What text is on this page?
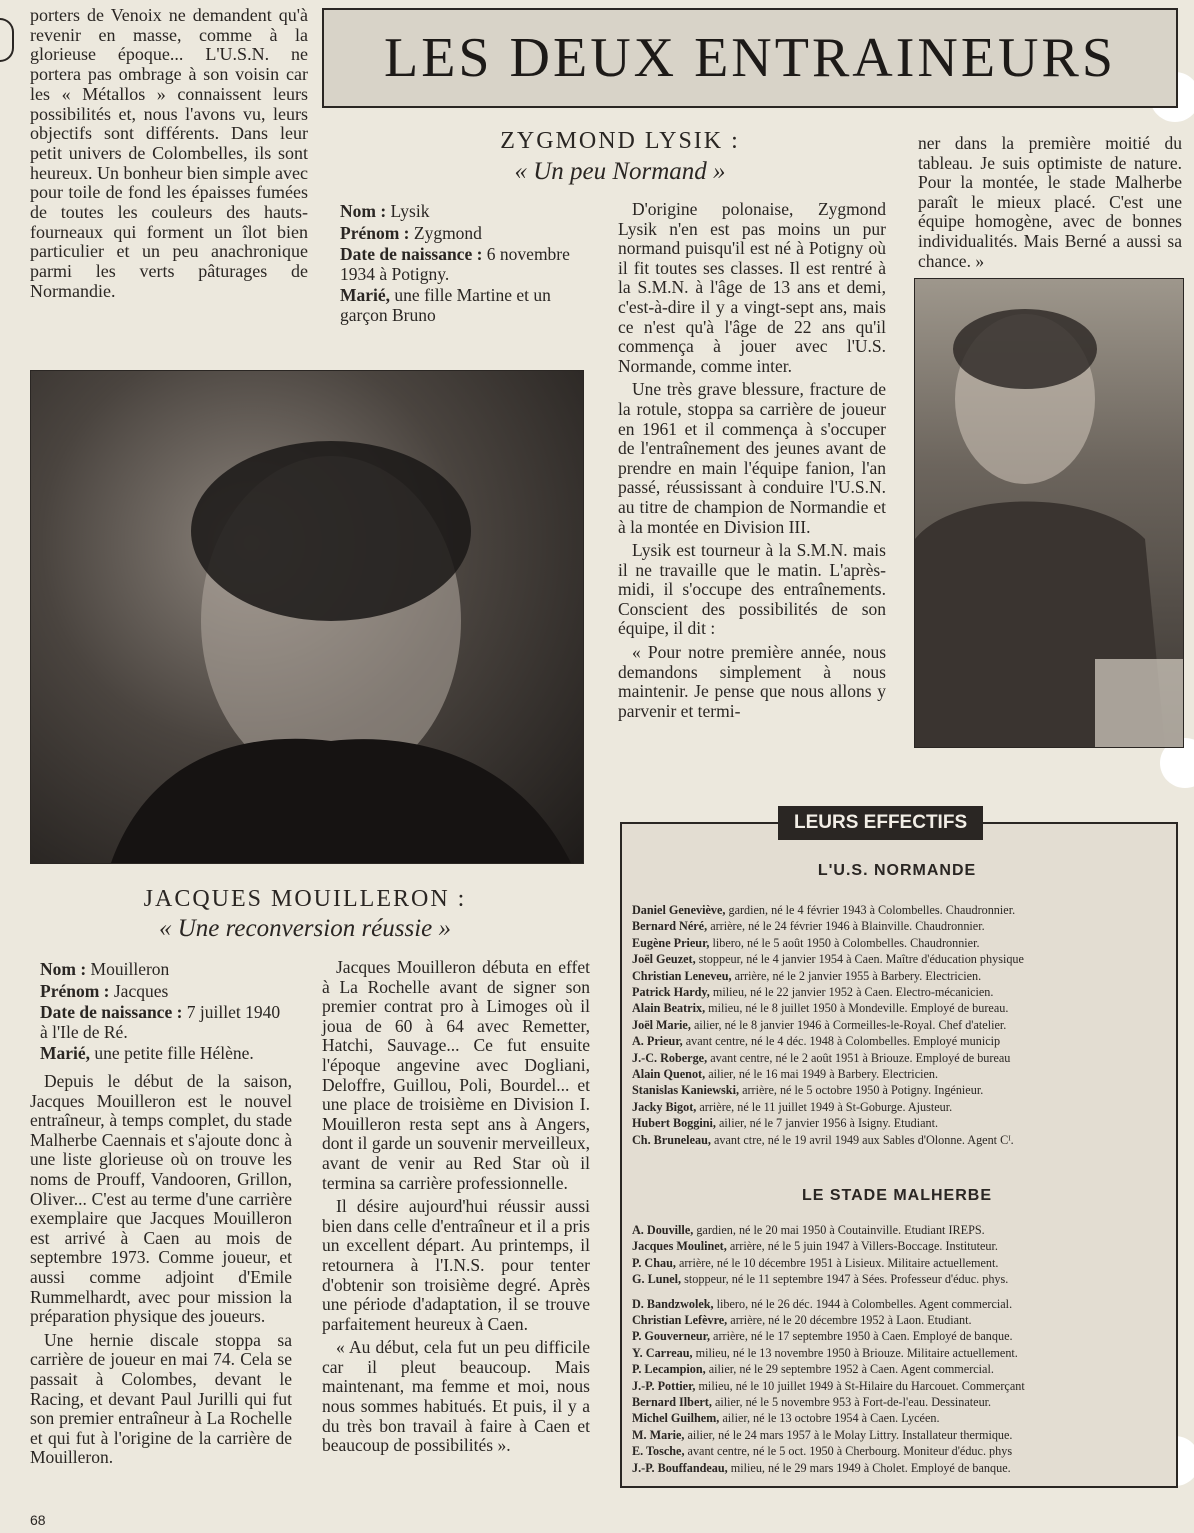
porters de Venoix ne demandent qu'à revenir en masse, comme à la glorieuse époque... L'U.S.N. ne portera pas ombrage à son voisin car les « Métallos » connaissent leurs possibilités et, nous l'avons vu, leurs objectifs sont différents. Dans leur petit univers de Colombelles, ils sont heureux. Un bonheur bien simple avec pour toile de fond les épaisses fumées de toutes les couleurs des hauts-fourneaux qui forment un îlot bien particulier et un peu anachronique parmi les verts pâturages de Normandie.

LES DEUX ENTRAINEURS
ZYGMOND LYSIK :
« Un peu Normand »
Nom : Lysik
Prénom : Zygmond
Date de naissance : 6 novembre 1934 à Potigny.
Marié, une fille Martine et un garçon Bruno

D'origine polonaise, Zygmond Lysik n'en est pas moins un pur normand puisqu'il est né à Potigny où il fit toutes ses classes. Il est rentré à la S.M.N. à l'âge de 13 ans et demi, c'est-à-dire il y a vingt-sept ans, mais ce n'est qu'à l'âge de 22 ans qu'il commença à jouer avec l'U.S. Normande, comme inter.

Une très grave blessure, fracture de la rotule, stoppa sa carrière de joueur en 1961 et il commença à s'occuper de l'entraînement des jeunes avant de prendre en main l'équipe fanion, l'an passé, réussissant à conduire l'U.S.N. au titre de champion de Normandie et à la montée en Division III.

Lysik est tourneur à la S.M.N. mais il ne travaille que le matin. L'après-midi, il s'occupe des entraînements. Conscient des possibilités de son équipe, il dit :

« Pour notre première année, nous demandons simplement à nous maintenir. Je pense que nous allons y parvenir et termi-

ner dans la première moitié du tableau. Je suis optimiste de nature. Pour la montée, le stade Malherbe paraît le mieux placé. C'est une équipe homogène, avec de bonnes individualités. Mais Berné a aussi sa chance. »

JACQUES MOUILLERON :
« Une reconversion réussie »
Nom : Mouilleron
Prénom : Jacques
Date de naissance : 7 juillet 1940 à l'Ile de Ré.
Marié, une petite fille Hélène.

Depuis le début de la saison, Jacques Mouilleron est le nouvel entraîneur, à temps complet, du stade Malherbe Caennais et s'ajoute donc à une liste glorieuse où on trouve les noms de Prouff, Vandooren, Grillon, Oliver... C'est au terme d'une carrière exemplaire que Jacques Mouilleron est arrivé à Caen au mois de septembre 1973. Comme joueur, et aussi comme adjoint d'Emile Rummelhardt, avec pour mission la préparation physique des joueurs.

Une hernie discale stoppa sa carrière de joueur en mai 74. Cela se passait à Colombes, devant le Racing, et devant Paul Jurilli qui fut son premier entraîneur à La Rochelle et qui fut à l'origine de la carrière de Mouilleron.

Jacques Mouilleron débuta en effet à La Rochelle avant de signer son premier contrat pro à Limoges où il joua de 60 à 64 avec Remetter, Hatchi, Sauvage... Ce fut ensuite l'époque angevine avec Dogliani, Deloffre, Guillou, Poli, Bourdel... et une place de troisième en Division I. Mouilleron resta sept ans à Angers, dont il garde un souvenir merveilleux, avant de venir au Red Star où il termina sa carrière professionnelle.

Il désire aujourd'hui réussir aussi bien dans celle d'entraîneur et il a pris un excellent départ. Au printemps, il retournera à l'I.N.S. pour tenter d'obtenir son troisième degré. Après une période d'adaptation, il se trouve parfaitement heureux à Caen.

« Au début, cela fut un peu difficile car il pleut beaucoup. Mais maintenant, ma femme et moi, nous nous sommes habitués. Et puis, il y a du très bon travail à faire à Caen et beaucoup de possibilités ».

LEURS EFFECTIFS
L'U.S. NORMANDE
Daniel Geneviève, gardien, né le 4 février 1943 à Colombelles. Chaudronnier.
Bernard Néré, arrière, né le 24 février 1946 à Blainville. Chaudronnier.
Eugène Prieur, libero, né le 5 août 1950 à Colombelles. Chaudronnier.
Joël Geuzet, stoppeur, né le 4 janvier 1954 à Caen. Maître d'éducation physique
Christian Leneveu, arrière, né le 2 janvier 1955 à Barbery. Electricien.
Patrick Hardy, milieu, né le 22 janvier 1952 à Caen. Electro-mécanicien.
Alain Beatrix, milieu, né le 8 juillet 1950 à Mondeville. Employé de bureau.
Joël Marie, ailier, né le 8 janvier 1946 à Cormeilles-le-Royal. Chef d'atelier.
A. Prieur, avant centre, né le 4 déc. 1948 à Colombelles. Employé municip
J.-C. Roberge, avant centre, né le 2 août 1951 à Briouze. Employé de bureau
Alain Quenot, ailier, né le 16 mai 1949 à Barbery. Electricien.
Stanislas Kaniewski, arrière, né le 5 octobre 1950 à Potigny. Ingénieur.
Jacky Bigot, arrière, né le 11 juillet 1949 à St-Goburge. Ajusteur.
Hubert Boggini, ailier, né le 7 janvier 1956 à Isigny. Etudiant.
Ch. Bruneleau, avant ctre, né le 19 avril 1949 aux Sables d'Olonne. Agent Cᴵ.
LE STADE MALHERBE
A. Douville, gardien, né le 20 mai 1950 à Coutainville. Etudiant IREPS.
Jacques Moulinet, arrière, né le 5 juin 1947 à Villers-Boccage. Instituteur.
P. Chau, arrière, né le 10 décembre 1951 à Lisieux. Militaire actuellement.
G. Lunel, stoppeur, né le 11 septembre 1947 à Sées. Professeur d'éduc. phys.
D. Bandzwolek, libero, né le 26 déc. 1944 à Colombelles. Agent commercial.
Christian Lefèvre, arrière, né le 20 décembre 1952 à Laon. Etudiant.
P. Gouverneur, arrière, né le 17 septembre 1950 à Caen. Employé de banque.
Y. Carreau, milieu, né le 13 novembre 1950 à Briouze. Militaire actuellement.
P. Lecampion, ailier, né le 29 septembre 1952 à Caen. Agent commercial.
J.-P. Pottier, milieu, né le 10 juillet 1949 à St-Hilaire du Harcouet. Commerçant
Bernard Ilbert, ailier, né le 5 novembre 953 à Fort-de-l'eau. Dessinateur.
Michel Guilhem, ailier, né le 13 octobre 1954 à Caen. Lycéen.
M. Marie, ailier, né le 24 mars 1957 à le Molay Littry. Installateur thermique.
E. Tosche, avant centre, né le 5 oct. 1950 à Cherbourg. Moniteur d'éduc. phys
J.-P. Bouffandeau, milieu, né le 29 mars 1949 à Cholet. Employé de banque.
68
